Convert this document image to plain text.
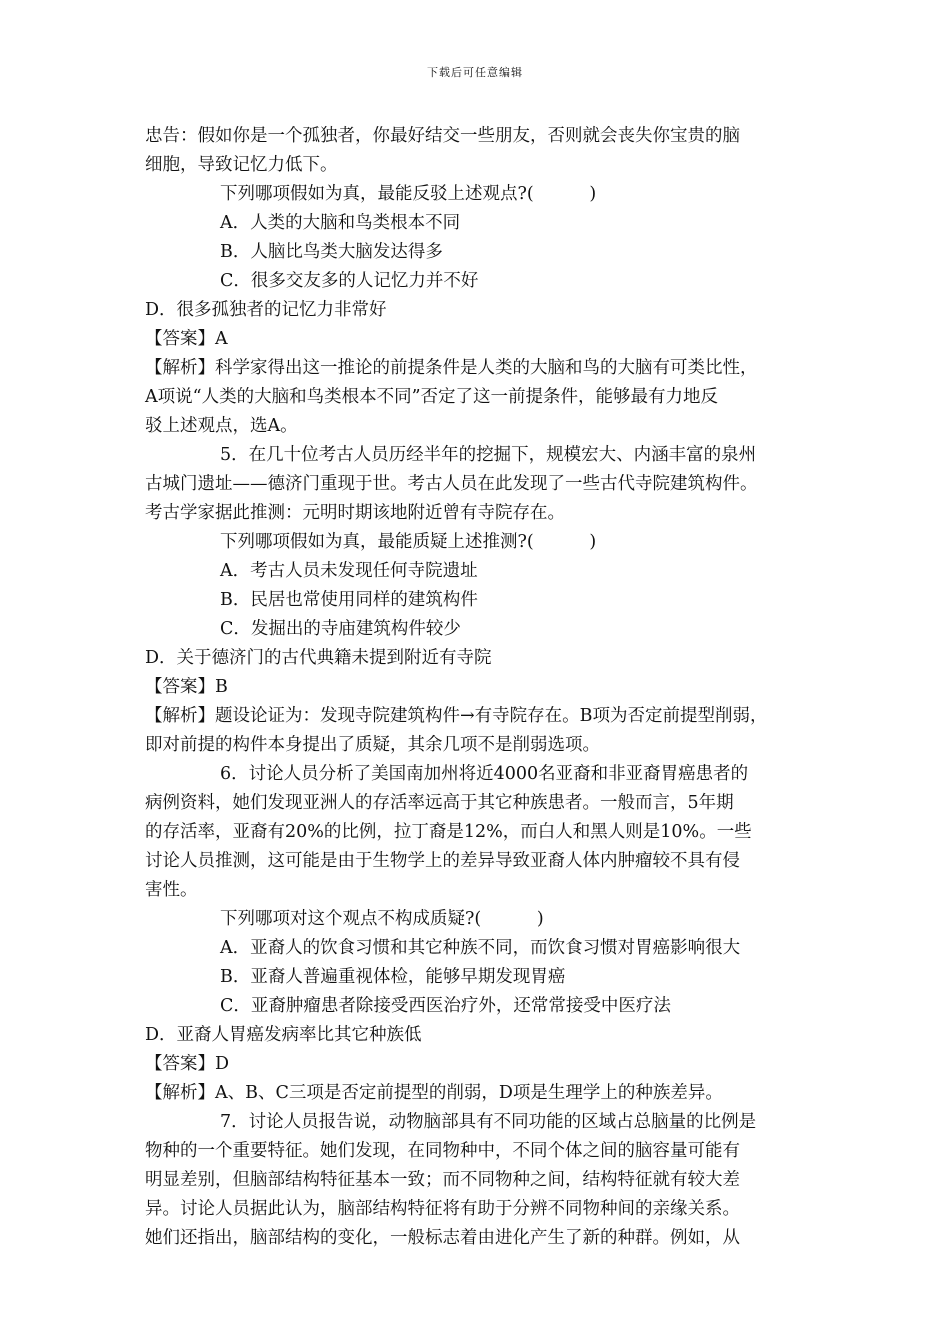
下载后可任意编辑
忠告：假如你是一个孤独者，你最好结交一些朋友，否则就会丧失你宝贵的脑
细胞，导致记忆力低下。
下列哪项假如为真，最能反驳上述观点?(          )
A．人类的大脑和鸟类根本不同
B．人脑比鸟类大脑发达得多
C．很多交友多的人记忆力并不好
D．很多孤独者的记忆力非常好
【答案】A
【解析】科学家得出这一推论的前提条件是人类的大脑和鸟的大脑有可类比性，
A项说“人类的大脑和鸟类根本不同”否定了这一前提条件，能够最有力地反
驳上述观点，选A。
5．在几十位考古人员历经半年的挖掘下，规模宏大、内涵丰富的泉州
古城门遗址——德济门重现于世。考古人员在此发现了一些古代寺院建筑构件。
考古学家据此推测：元明时期该地附近曾有寺院存在。
下列哪项假如为真，最能质疑上述推测?(          )
A．考古人员未发现任何寺院遗址
B．民居也常使用同样的建筑构件
C．发掘出的寺庙建筑构件较少
D．关于德济门的古代典籍未提到附近有寺院
【答案】B
【解析】题设论证为：发现寺院建筑构件→有寺院存在。B项为否定前提型削弱，
即对前提的构件本身提出了质疑，其余几项不是削弱选项。
6．讨论人员分析了美国南加州将近4000名亚裔和非亚裔胃癌患者的
病例资料，她们发现亚洲人的存活率远高于其它种族患者。一般而言，5年期
的存活率，亚裔有20%的比例，拉丁裔是12%，而白人和黑人则是10%。一些
讨论人员推测，这可能是由于生物学上的差异导致亚裔人体内肿瘤较不具有侵
害性。
下列哪项对这个观点不构成质疑?(          )
A．亚裔人的饮食习惯和其它种族不同，而饮食习惯对胃癌影响很大
B．亚裔人普遍重视体检，能够早期发现胃癌
C．亚裔肿瘤患者除接受西医治疗外，还常常接受中医疗法
D．亚裔人胃癌发病率比其它种族低
【答案】D
【解析】A、B、C三项是否定前提型的削弱，D项是生理学上的种族差异。
7．讨论人员报告说，动物脑部具有不同功能的区域占总脑量的比例是
物种的一个重要特征。她们发现，在同物种中，不同个体之间的脑容量可能有
明显差别，但脑部结构特征基本一致；而不同物种之间，结构特征就有较大差
异。讨论人员据此认为，脑部结构特征将有助于分辨不同物种间的亲缘关系。
她们还指出，脑部结构的变化，一般标志着由进化产生了新的种群。例如，从
